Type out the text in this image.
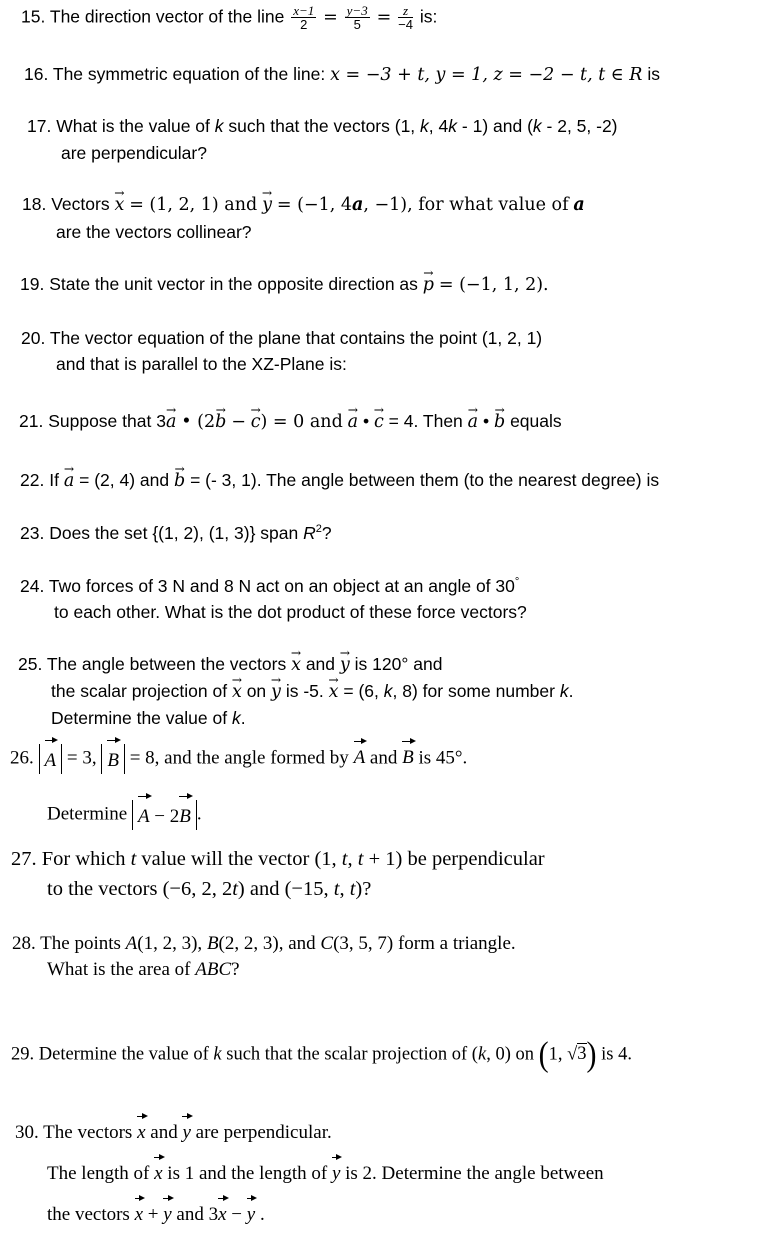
15. The direction vector of the line $\frac{x-1}{2} = \frac{y-3}{5} = \frac{z}{-4}$ is:
16. The symmetric equation of the line: x = −3 + t, y = 1, z = −2 − t, t ∈ R is
17. What is the value of k such that the vectors (1, k, 4k - 1) and (k - 2, 5, -2)
are perpendicular?
18. Vectors x → = (1, 2, 1) and y → = (−1, 4a, −1), for what value of a
are the vectors collinear?
19. State the unit vector in the opposite direction as p → = (−1, 1, 2).
20. The vector equation of the plane that contains the point (1, 2, 1)
and that is parallel to the XZ-Plane is:
21. Suppose that 3a → • (2b → − c →) = 0 and a → • c → = 4. Then a → • b → equals
22. If a → = (2, 4) and b → = (- 3, 1). The angle between them (to the nearest degree) is
23. Does the set {(1, 2), (1, 3)} span $R^2$?
24. Two forces of 3 N and 8 N act on an object at an angle of 30°
to each other. What is the dot product of these force vectors?
25. The angle between the vectors x → and y → is 120° and
the scalar projection of x → on y → is -5. x → = (6, k, 8) for some number k.
Determine the value of k.
26. A = 3, B = 8, and the angle formed by A and B is 45°.
Determine A − 2B .
27. For which t value will the vector (1, t, t + 1) be perpendicular
to the vectors (−6, 2, 2t) and (−15, t, t)?
28. The points A(1, 2, 3), B(2, 2, 3), and C(3, 5, 7) form a triangle.
What is the area of ABC?
29. Determine the value of k such that the scalar projection of (k, 0) on (1, √3) is 4.
30. The vectors x and y are perpendicular.
The length of x is 1 and the length of y is 2. Determine the angle between
the vectors x + y and 3x − y .
